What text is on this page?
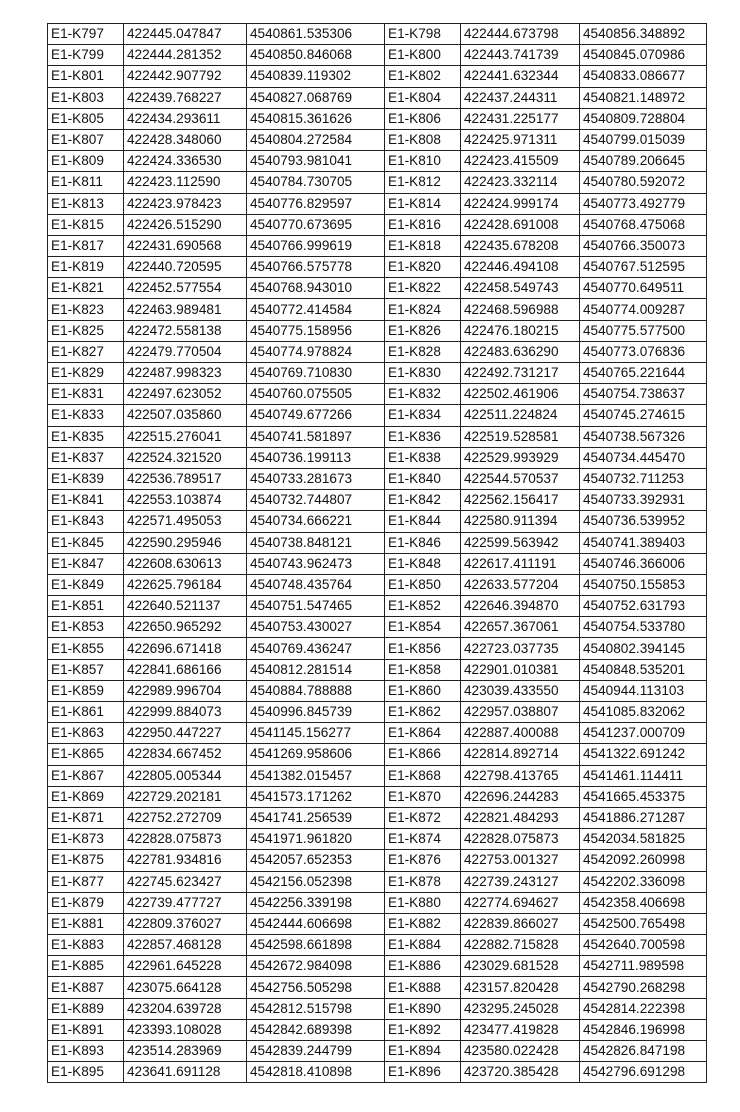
E1-K797	422445.047847	4540861.535306	E1-K798	422444.673798	4540856.348892
E1-K799	422444.281352	4540850.846068	E1-K800	422443.741739	4540845.070986
E1-K801	422442.907792	4540839.119302	E1-K802	422441.632344	4540833.086677
E1-K803	422439.768227	4540827.068769	E1-K804	422437.244311	4540821.148972
E1-K805	422434.293611	4540815.361626	E1-K806	422431.225177	4540809.728804
E1-K807	422428.348060	4540804.272584	E1-K808	422425.971311	4540799.015039
E1-K809	422424.336530	4540793.981041	E1-K810	422423.415509	4540789.206645
E1-K811	422423.112590	4540784.730705	E1-K812	422423.332114	4540780.592072
E1-K813	422423.978423	4540776.829597	E1-K814	422424.999174	4540773.492779
E1-K815	422426.515290	4540770.673695	E1-K816	422428.691008	4540768.475068
E1-K817	422431.690568	4540766.999619	E1-K818	422435.678208	4540766.350073
E1-K819	422440.720595	4540766.575778	E1-K820	422446.494108	4540767.512595
E1-K821	422452.577554	4540768.943010	E1-K822	422458.549743	4540770.649511
E1-K823	422463.989481	4540772.414584	E1-K824	422468.596988	4540774.009287
E1-K825	422472.558138	4540775.158956	E1-K826	422476.180215	4540775.577500
E1-K827	422479.770504	4540774.978824	E1-K828	422483.636290	4540773.076836
E1-K829	422487.998323	4540769.710830	E1-K830	422492.731217	4540765.221644
E1-K831	422497.623052	4540760.075505	E1-K832	422502.461906	4540754.738637
E1-K833	422507.035860	4540749.677266	E1-K834	422511.224824	4540745.274615
E1-K835	422515.276041	4540741.581897	E1-K836	422519.528581	4540738.567326
E1-K837	422524.321520	4540736.199113	E1-K838	422529.993929	4540734.445470
E1-K839	422536.789517	4540733.281673	E1-K840	422544.570537	4540732.711253
E1-K841	422553.103874	4540732.744807	E1-K842	422562.156417	4540733.392931
E1-K843	422571.495053	4540734.666221	E1-K844	422580.911394	4540736.539952
E1-K845	422590.295946	4540738.848121	E1-K846	422599.563942	4540741.389403
E1-K847	422608.630613	4540743.962473	E1-K848	422617.411191	4540746.366006
E1-K849	422625.796184	4540748.435764	E1-K850	422633.577204	4540750.155853
E1-K851	422640.521137	4540751.547465	E1-K852	422646.394870	4540752.631793
E1-K853	422650.965292	4540753.430027	E1-K854	422657.367061	4540754.533780
E1-K855	422696.671418	4540769.436247	E1-K856	422723.037735	4540802.394145
E1-K857	422841.686166	4540812.281514	E1-K858	422901.010381	4540848.535201
E1-K859	422989.996704	4540884.788888	E1-K860	423039.433550	4540944.113103
E1-K861	422999.884073	4540996.845739	E1-K862	422957.038807	4541085.832062
E1-K863	422950.447227	4541145.156277	E1-K864	422887.400088	4541237.000709
E1-K865	422834.667452	4541269.958606	E1-K866	422814.892714	4541322.691242
E1-K867	422805.005344	4541382.015457	E1-K868	422798.413765	4541461.114411
E1-K869	422729.202181	4541573.171262	E1-K870	422696.244283	4541665.453375
E1-K871	422752.272709	4541741.256539	E1-K872	422821.484293	4541886.271287
E1-K873	422828.075873	4541971.961820	E1-K874	422828.075873	4542034.581825
E1-K875	422781.934816	4542057.652353	E1-K876	422753.001327	4542092.260998
E1-K877	422745.623427	4542156.052398	E1-K878	422739.243127	4542202.336098
E1-K879	422739.477727	4542256.339198	E1-K880	422774.694627	4542358.406698
E1-K881	422809.376027	4542444.606698	E1-K882	422839.866027	4542500.765498
E1-K883	422857.468128	4542598.661898	E1-K884	422882.715828	4542640.700598
E1-K885	422961.645228	4542672.984098	E1-K886	423029.681528	4542711.989598
E1-K887	423075.664128	4542756.505298	E1-K888	423157.820428	4542790.268298
E1-K889	423204.639728	4542812.515798	E1-K890	423295.245028	4542814.222398
E1-K891	423393.108028	4542842.689398	E1-K892	423477.419828	4542846.196998
E1-K893	423514.283969	4542839.244799	E1-K894	423580.022428	4542826.847198
E1-K895	423641.691128	4542818.410898	E1-K896	423720.385428	4542796.691298
